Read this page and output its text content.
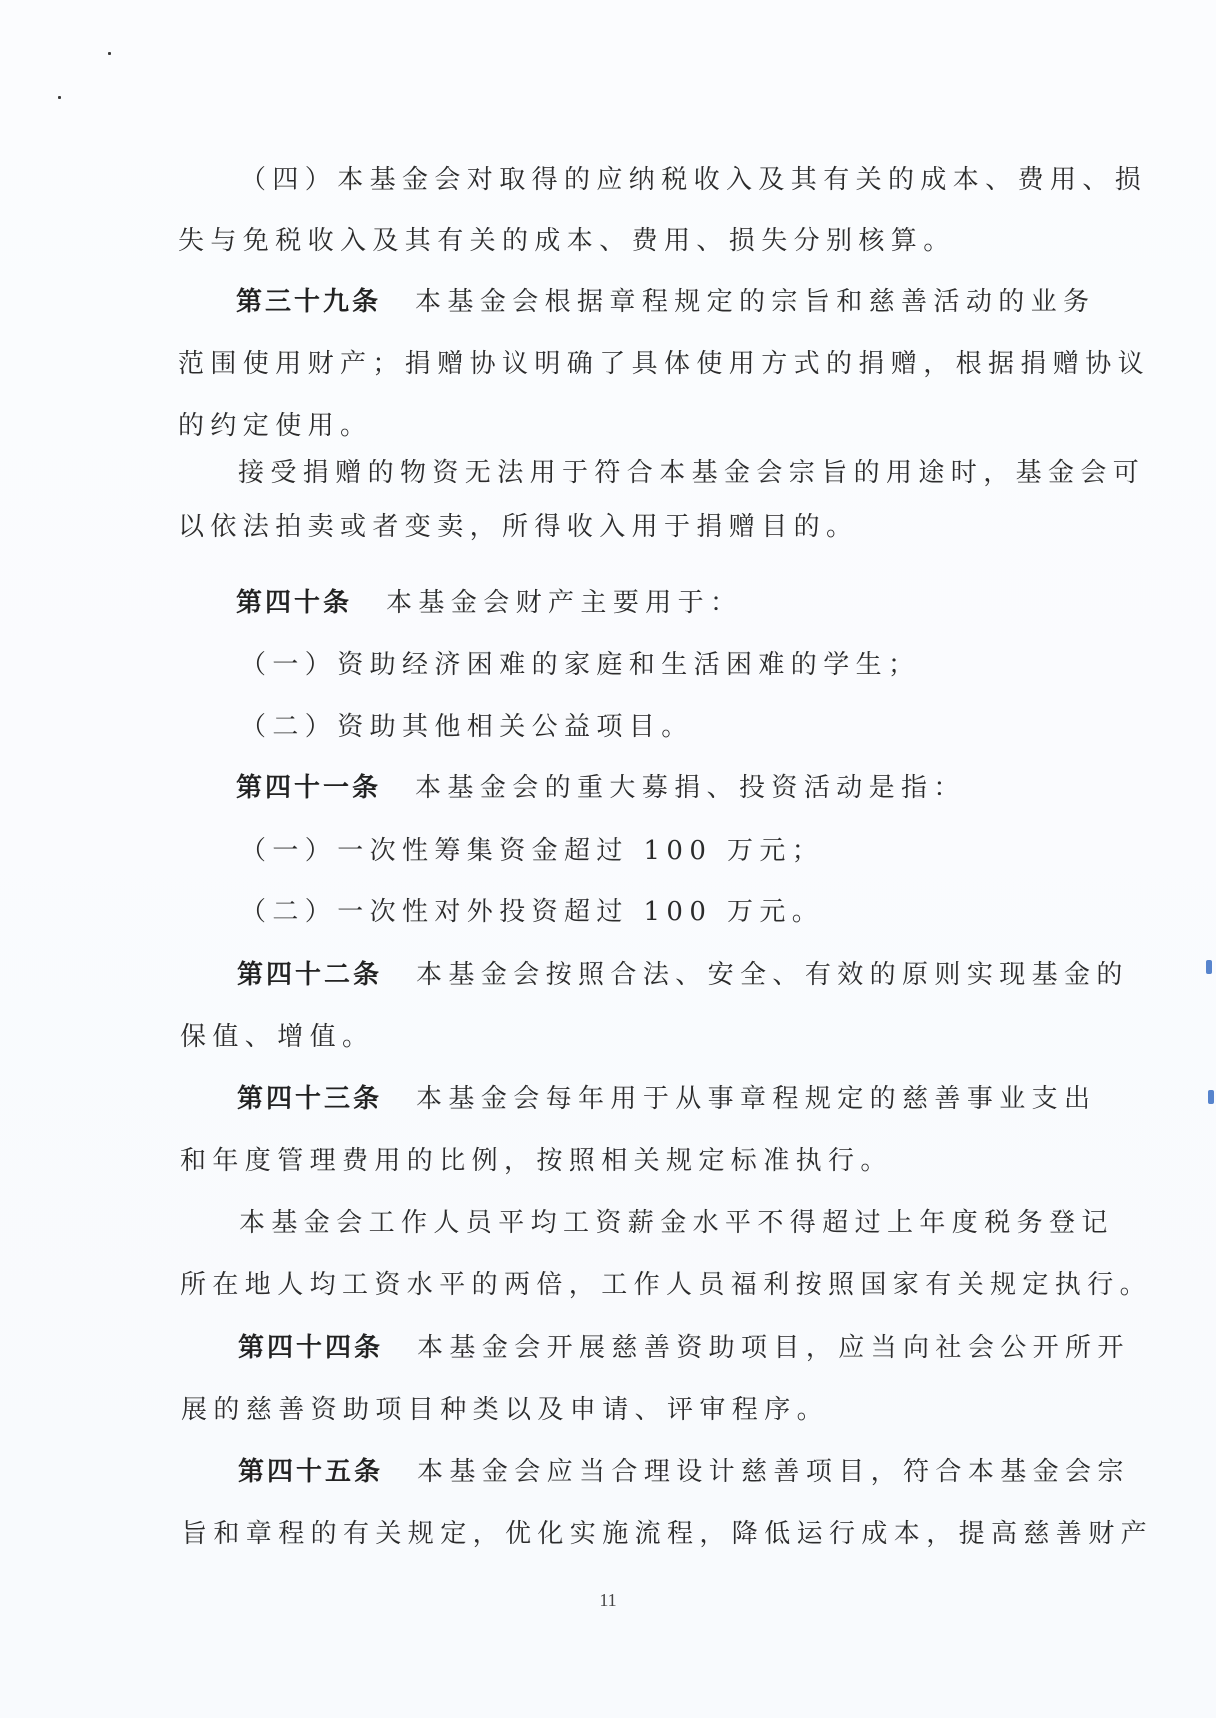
（四）本基金会对取得的应纳税收入及其有关的成本、费用、损
失与免税收入及其有关的成本、费用、损失分别核算。
第三十九条 本基金会根据章程规定的宗旨和慈善活动的业务
范围使用财产；捐赠协议明确了具体使用方式的捐赠，根据捐赠协议
的约定使用。
接受捐赠的物资无法用于符合本基金会宗旨的用途时，基金会可
以依法拍卖或者变卖，所得收入用于捐赠目的。
第四十条 本基金会财产主要用于：
（一）资助经济困难的家庭和生活困难的学生；
（二）资助其他相关公益项目。
第四十一条 本基金会的重大募捐、投资活动是指：
（一）一次性筹集资金超过 100 万元；
（二）一次性对外投资超过 100 万元。
第四十二条 本基金会按照合法、安全、有效的原则实现基金的
保值、增值。
第四十三条 本基金会每年用于从事章程规定的慈善事业支出
和年度管理费用的比例，按照相关规定标准执行。
本基金会工作人员平均工资薪金水平不得超过上年度税务登记
所在地人均工资水平的两倍，工作人员福利按照国家有关规定执行。
第四十四条 本基金会开展慈善资助项目，应当向社会公开所开
展的慈善资助项目种类以及申请、评审程序。
第四十五条 本基金会应当合理设计慈善项目，符合本基金会宗
旨和章程的有关规定，优化实施流程，降低运行成本，提高慈善财产
11
